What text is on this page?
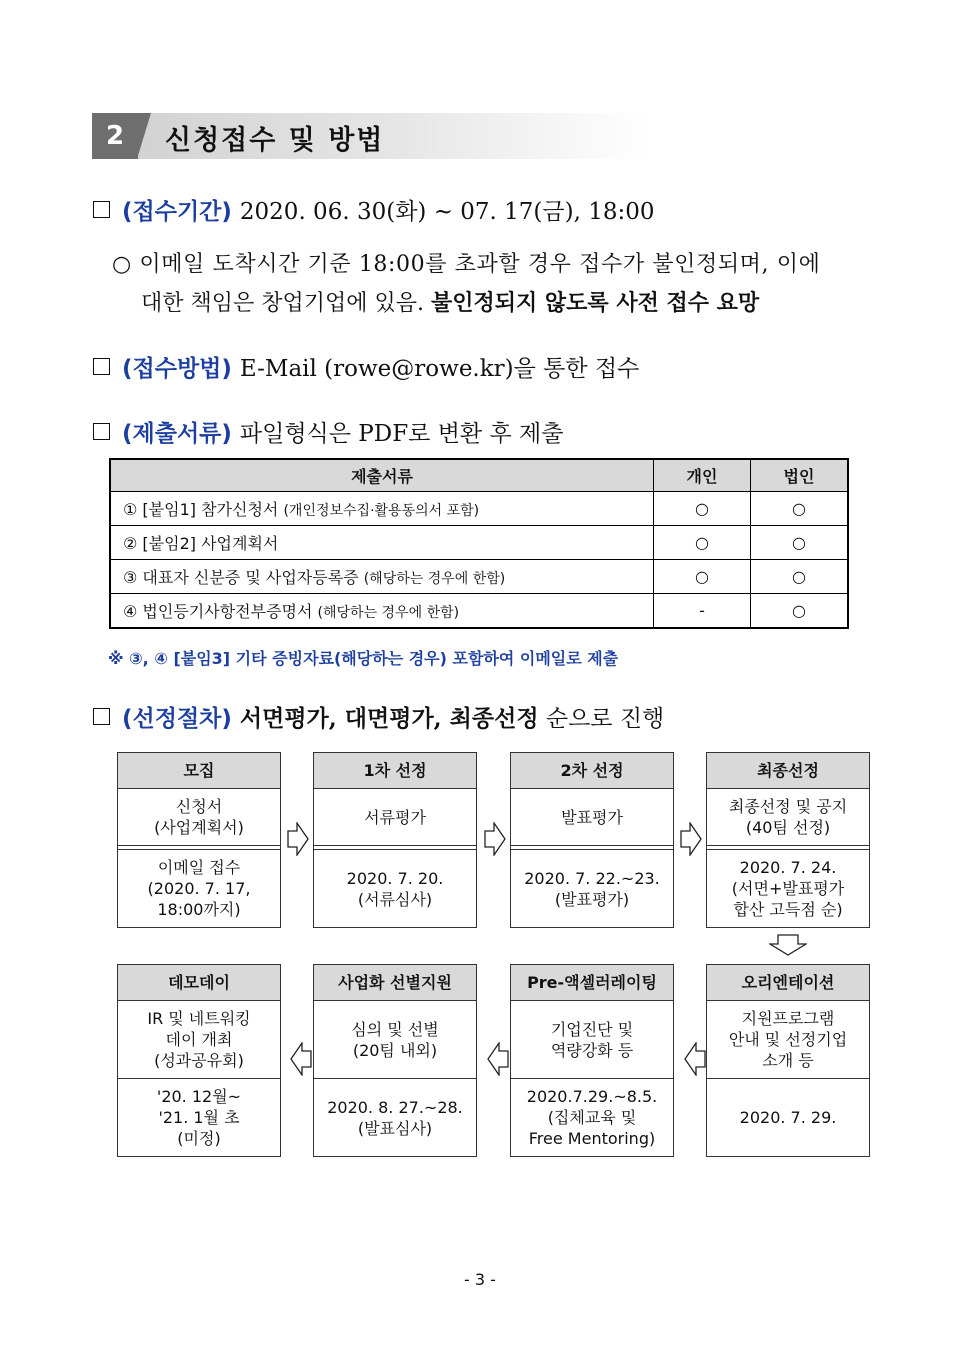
2	신청접수 및 방법
(접수기간) 2020. 06. 30(화) ~ 07. 17(금), 18:00
○ 이메일 도착시간 기준 18:00를 초과할 경우 접수가 불인정되며, 이에
대한 책임은 창업기업에 있음. 불인정되지 않도록 사전 접수 요망
(접수방법) E-Mail (rowe@rowe.kr)을 통한 접수
(제출서류) 파일형식은 PDF로 변환 후 제출
제출서류	개인	법인
① [붙임1] 참가신청서 (개인정보수집·활용동의서 포함)	○	○
② [붙임2] 사업계획서	○	○
③ 대표자 신분증 및 사업자등록증 (해당하는 경우에 한함)	○	○
④ 법인등기사항전부증명서 (해당하는 경우에 한함)	-	○
※ ③, ④ [붙임3] 기타 증빙자료(해당하는 경우) 포함하여 이메일로 제출
(선정절차) 서면평가, 대면평가, 최종선정 순으로 진행
모집
신청서
(사업계획서)
이메일 접수
(2020. 7. 17,
18:00까지)
1차 선정
서류평가
2020. 7. 20.
(서류심사)
2차 선정
발표평가
2020. 7. 22.~23.
(발표평가)
최종선정
최종선정 및 공지
(40팀 선정)
2020. 7. 24.
(서면+발표평가
합산 고득점 순)
오리엔테이션
지원프로그램
안내 및 선정기업
소개 등
2020. 7. 29.
Pre-액셀러레이팅
기업진단 및
역량강화 등
2020.7.29.~8.5.
(집체교육 및
Free Mentoring)
사업화 선별지원
심의 및 선별
(20팀 내외)
2020. 8. 27.~28.
(발표심사)
데모데이
IR 및 네트워킹
데이 개최
(성과공유회)
'20. 12월~
'21. 1월 초
(미정)
- 3 -
